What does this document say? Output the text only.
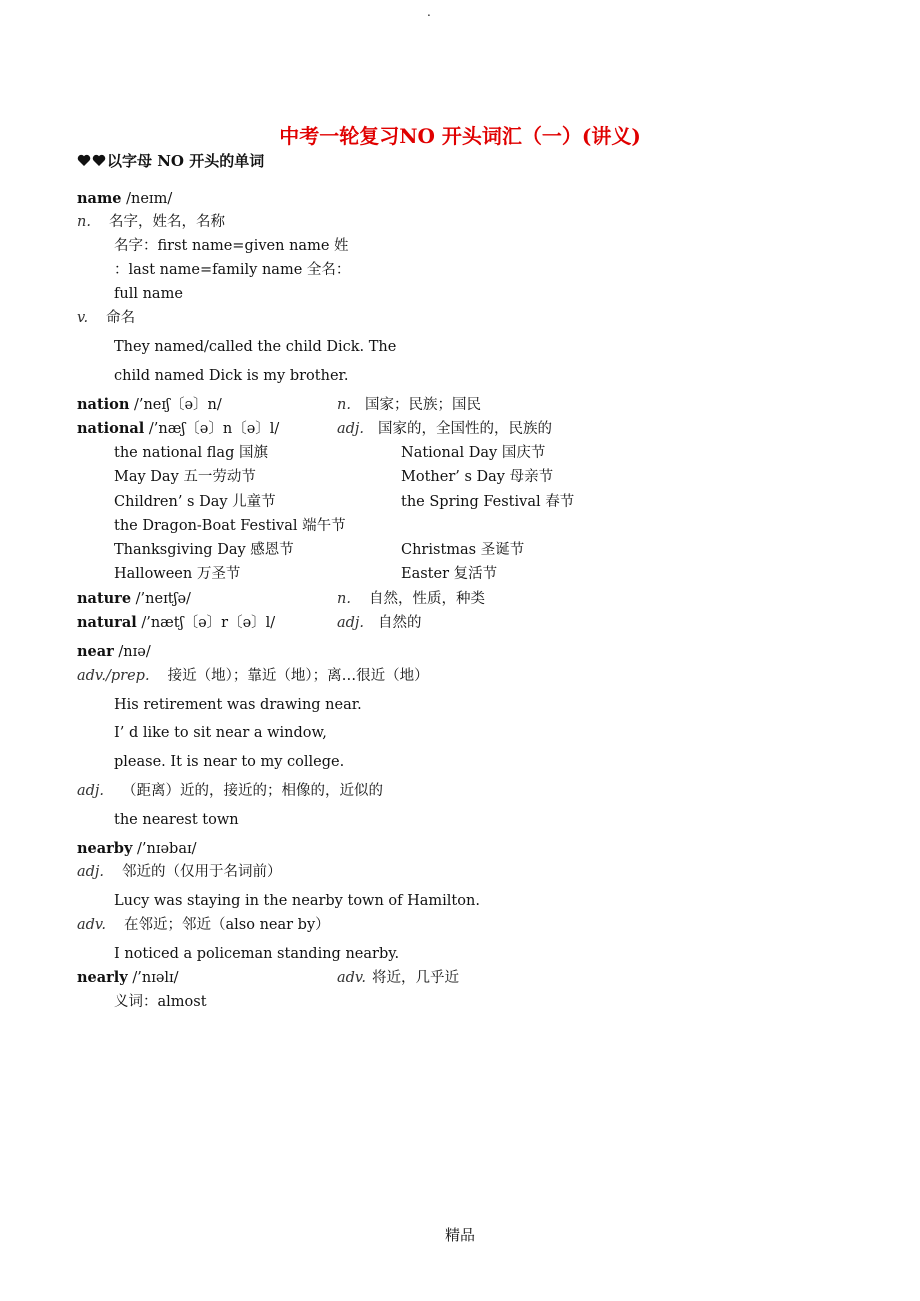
.
中考一轮复习NO 开头词汇（一）(讲义)
以字母 NO 开头的单词
name /neɪm/
n. 名字，姓名，名称
名字：first name=given name 姓
：last name=family name 全名：
full name
v. 命名
They named/called the child Dick. The
child named Dick is my brother.
nation /’neɪʃ〔ə〕n/	n. 国家；民族；国民
national /’næʃ〔ə〕n〔ə〕l/	adj. 国家的，全国性的，民族的
the national flag 国旗	National Day 国庆节
May Day 五一劳动节	Mother’ s Day 母亲节
Children’ s Day 儿童节	the Spring Festival 春节
the Dragon-Boat Festival 端午节
Thanksgiving Day 感恩节	Christmas 圣诞节
Halloween 万圣节	Easter 复活节
nature /’neɪtʃə/	n. 自然，性质，种类
natural /’nætʃ〔ə〕r〔ə〕l/	adj. 自然的
near /nɪə/
adv./prep. 接近（地）；靠近（地）；离…很近（地）
His retirement was drawing near.
I’ d like to sit near a window,
please. It is near to my college.
adj. （距离）近的，接近的；相像的，近似的
the nearest town
nearby /’nɪəbaɪ/
adj. 邻近的（仅用于名词前）
Lucy was staying in the nearby town of Hamilton.
adv. 在邻近；邻近（also near by）
I noticed a policeman standing nearby.
nearly /’nɪəlɪ/	adv. 将近，几乎近
义词：almost
精品
